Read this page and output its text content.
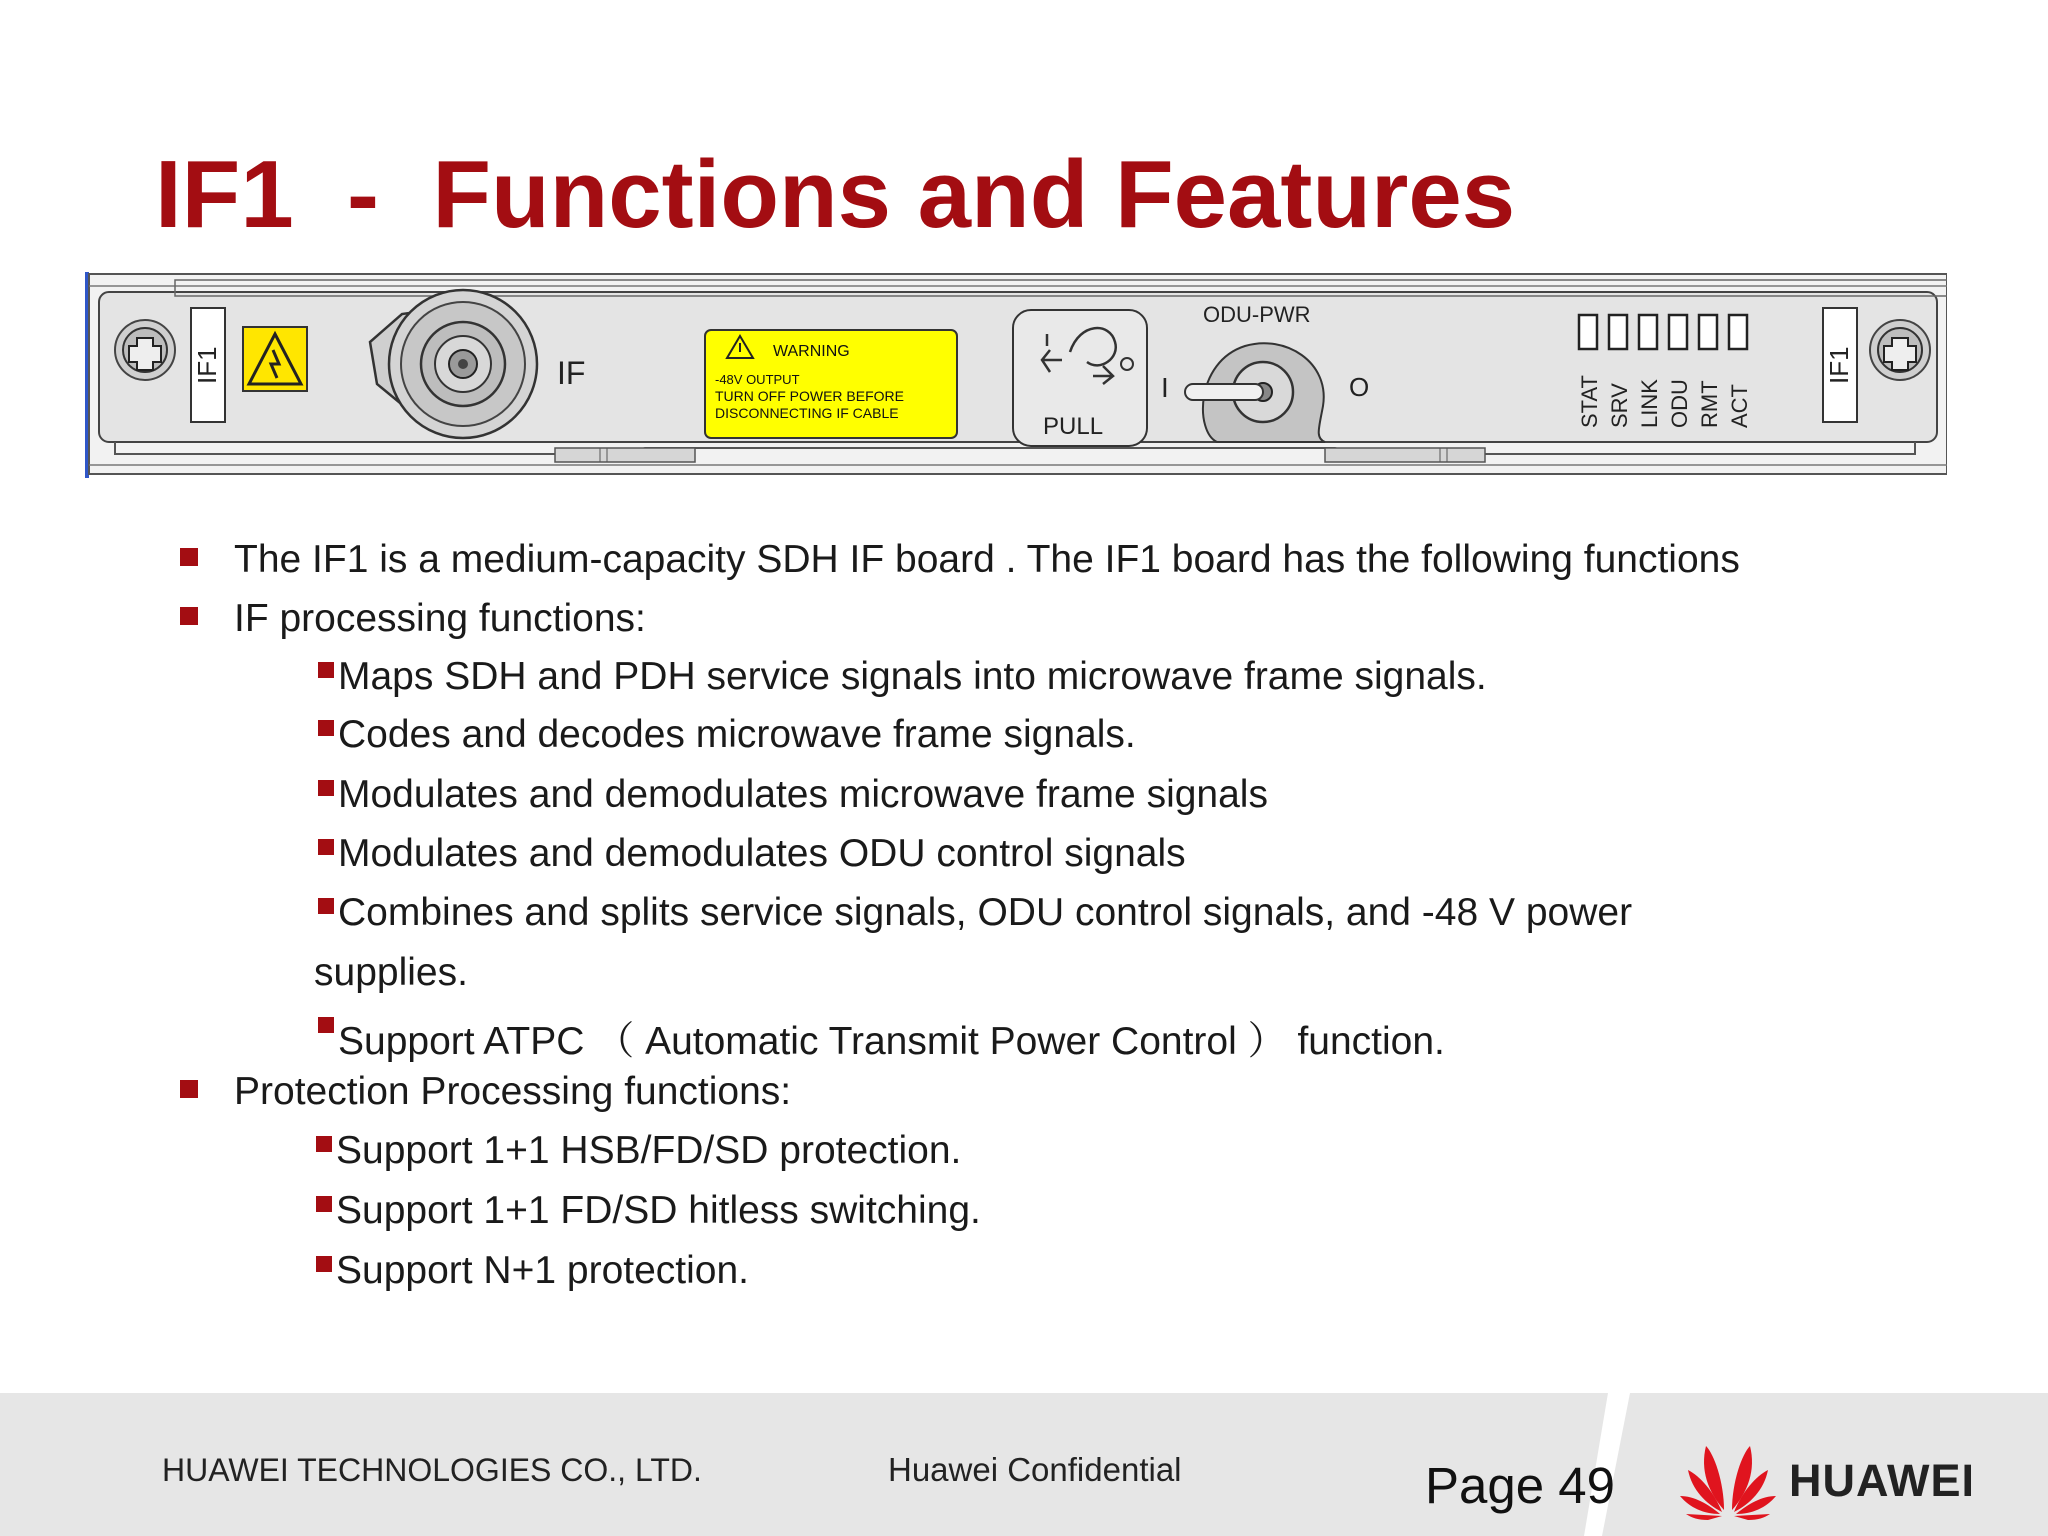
IF1  -  Functions and Features
IF1	IF
WARNING
-48V OUTPUT
TURN OFF POWER BEFORE
DISCONNECTING IF CABLE	PULL
ODU-PWR
I	O	STAT SRV LINK ODU RMT ACT
IF1
The IF1 is a medium-capacity SDH IF board . The IF1 board has the following functions
IF processing functions:
Maps SDH and PDH service signals into microwave frame signals.
Codes and decodes microwave frame signals.
Modulates and demodulates microwave frame signals
Modulates and demodulates ODU control signals
Combines and splits service signals, ODU control signals, and -48 V power
supplies.
Support ATPC （ Automatic Transmit Power Control ） function.
Protection Processing functions:
Support 1+1 HSB/FD/SD protection.
Support 1+1 FD/SD hitless switching.
Support N+1 protection.
HUAWEI TECHNOLOGIES CO., LTD.	Huawei Confidential	Page 49	HUAWEI
